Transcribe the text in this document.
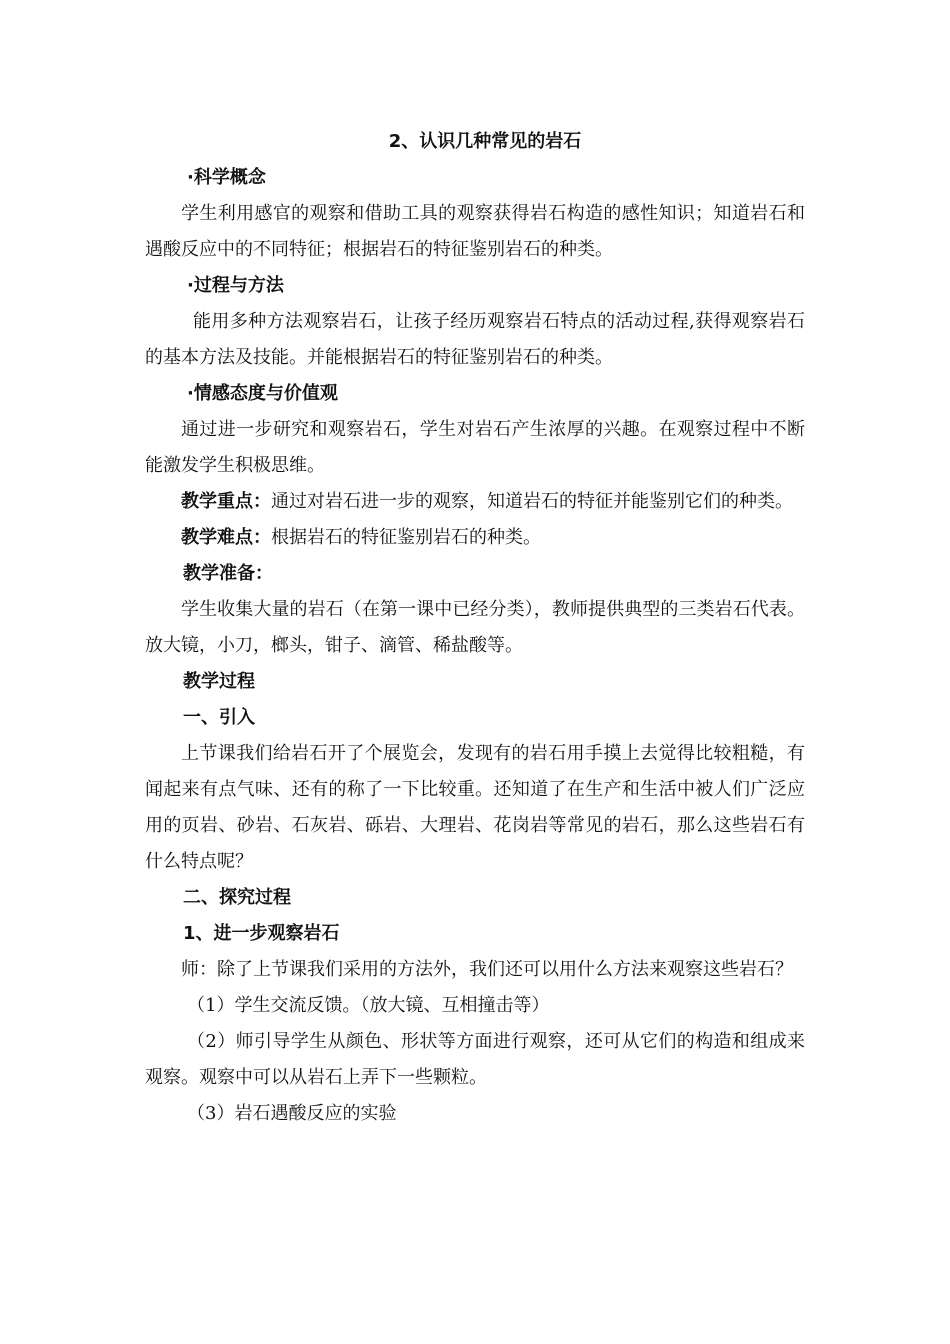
2、认识几种常见的岩石

·科学概念

学生利用感官的观察和借助工具的观察获得岩石构造的感性知识；知道岩石和遇酸反应中的不同特征；根据岩石的特征鉴别岩石的种类。

·过程与方法

能用多种方法观察岩石，让孩子经历观察岩石特点的活动过程,获得观察岩石的基本方法及技能。并能根据岩石的特征鉴别岩石的种类。

·情感态度与价值观

通过进一步研究和观察岩石，学生对岩石产生浓厚的兴趣。在观察过程中不断能激发学生积极思维。

教学重点：通过对岩石进一步的观察，知道岩石的特征并能鉴别它们的种类。

教学难点：根据岩石的特征鉴别岩石的种类。

教学准备：

学生收集大量的岩石（在第一课中已经分类），教师提供典型的三类岩石代表。放大镜，小刀，榔头，钳子、滴管、稀盐酸等。

教学过程

一、引入

上节课我们给岩石开了个展览会，发现有的岩石用手摸上去觉得比较粗糙，有闻起来有点气味、还有的称了一下比较重。还知道了在生产和生活中被人们广泛应用的页岩、砂岩、石灰岩、砾岩、大理岩、花岗岩等常见的岩石，那么这些岩石有什么特点呢？

二、探究过程

1、进一步观察岩石

师：除了上节课我们采用的方法外，我们还可以用什么方法来观察这些岩石？

（1）学生交流反馈。（放大镜、互相撞击等）

（2）师引导学生从颜色、形状等方面进行观察，还可从它们的构造和组成来观察。观察中可以从岩石上弄下一些颗粒。

（3）岩石遇酸反应的实验
